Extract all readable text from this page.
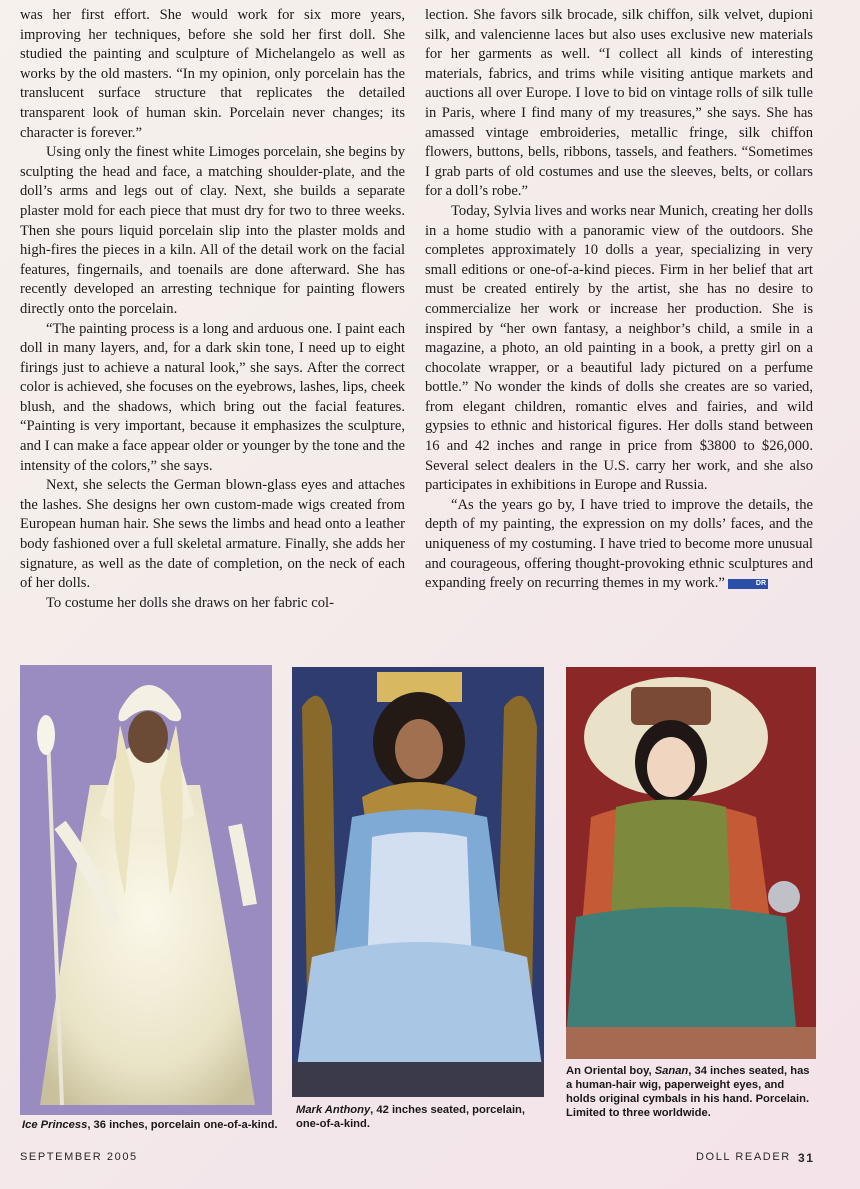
was her first effort. She would work for six more years, improving her techniques, before she sold her first doll. She studied the painting and sculpture of Michelangelo as well as works by the old masters. “In my opinion, only porcelain has the translucent surface structure that replicates the detailed transparent look of human skin. Porcelain never changes; its character is forever.”

Using only the finest white Limoges porcelain, she begins by sculpting the head and face, a matching shoulder-plate, and the doll’s arms and legs out of clay. Next, she builds a separate plaster mold for each piece that must dry for two to three weeks. Then she pours liquid porcelain slip into the plaster molds and high-fires the pieces in a kiln. All of the detail work on the facial features, fingernails, and toenails are done afterward. She has recently developed an arresting technique for painting flowers directly onto the porcelain.

“The painting process is a long and arduous one. I paint each doll in many layers, and, for a dark skin tone, I need up to eight firings just to achieve a natural look,” she says. After the correct color is achieved, she focuses on the eyebrows, lashes, lips, cheek blush, and the shadows, which bring out the facial features. “Painting is very important, because it emphasizes the sculpture, and I can make a face appear older or younger by the tone and the intensity of the colors,” she says.

Next, she selects the German blown-glass eyes and attaches the lashes. She designs her own custom-made wigs created from European human hair. She sews the limbs and head onto a leather body fashioned over a full skeletal armature. Finally, she adds her signature, as well as the date of completion, on the neck of each of her dolls.

To costume her dolls she draws on her fabric col-

lection. She favors silk brocade, silk chiffon, silk velvet, dupioni silk, and valencienne laces but also uses exclusive new materials for her garments as well. “I collect all kinds of interesting materials, fabrics, and trims while visiting antique markets and auctions all over Europe. I love to bid on vintage rolls of silk tulle in Paris, where I find many of my treasures,” she says. She has amassed vintage embroideries, metallic fringe, silk chiffon flowers, buttons, bells, ribbons, tassels, and feathers. “Sometimes I grab parts of old costumes and use the sleeves, belts, or collars for a doll’s robe.”

Today, Sylvia lives and works near Munich, creating her dolls in a home studio with a panoramic view of the outdoors. She completes approximately 10 dolls a year, specializing in very small editions or one-of-a-kind pieces. Firm in her belief that art must be created entirely by the artist, she has no desire to commercialize her work or increase her production. She is inspired by “her own fantasy, a neighbor’s child, a smile in a magazine, a photo, an old painting in a book, a pretty girl on a chocolate wrapper, or a beautiful lady pictured on a perfume bottle.” No wonder the kinds of dolls she creates are so varied, from elegant children, romantic elves and fairies, and wild gypsies to ethnic and historical figures. Her dolls stand between 16 and 42 inches and range in price from $3800 to $26,000. Several select dealers in the U.S. carry her work, and she also participates in exhibitions in Europe and Russia.

“As the years go by, I have tried to improve the details, the depth of my painting, the expression on my dolls’ faces, and the uniqueness of my costuming. I have tried to become more unusual and courageous, offering thought-provoking ethnic sculptures and expanding freely on recurring themes in my work.”	DR

Ice Princess, 36 inches, porcelain one-of-a-kind.
Mark Anthony, 42 inches seated, porcelain, one-of-a-kind.
An Oriental boy, Sanan, 34 inches seated, has a human-hair wig, paperweight eyes, and holds original cymbals in his hand. Porcelain. Limited to three worldwide.
SEPTEMBER 2005	DOLL READER 31
